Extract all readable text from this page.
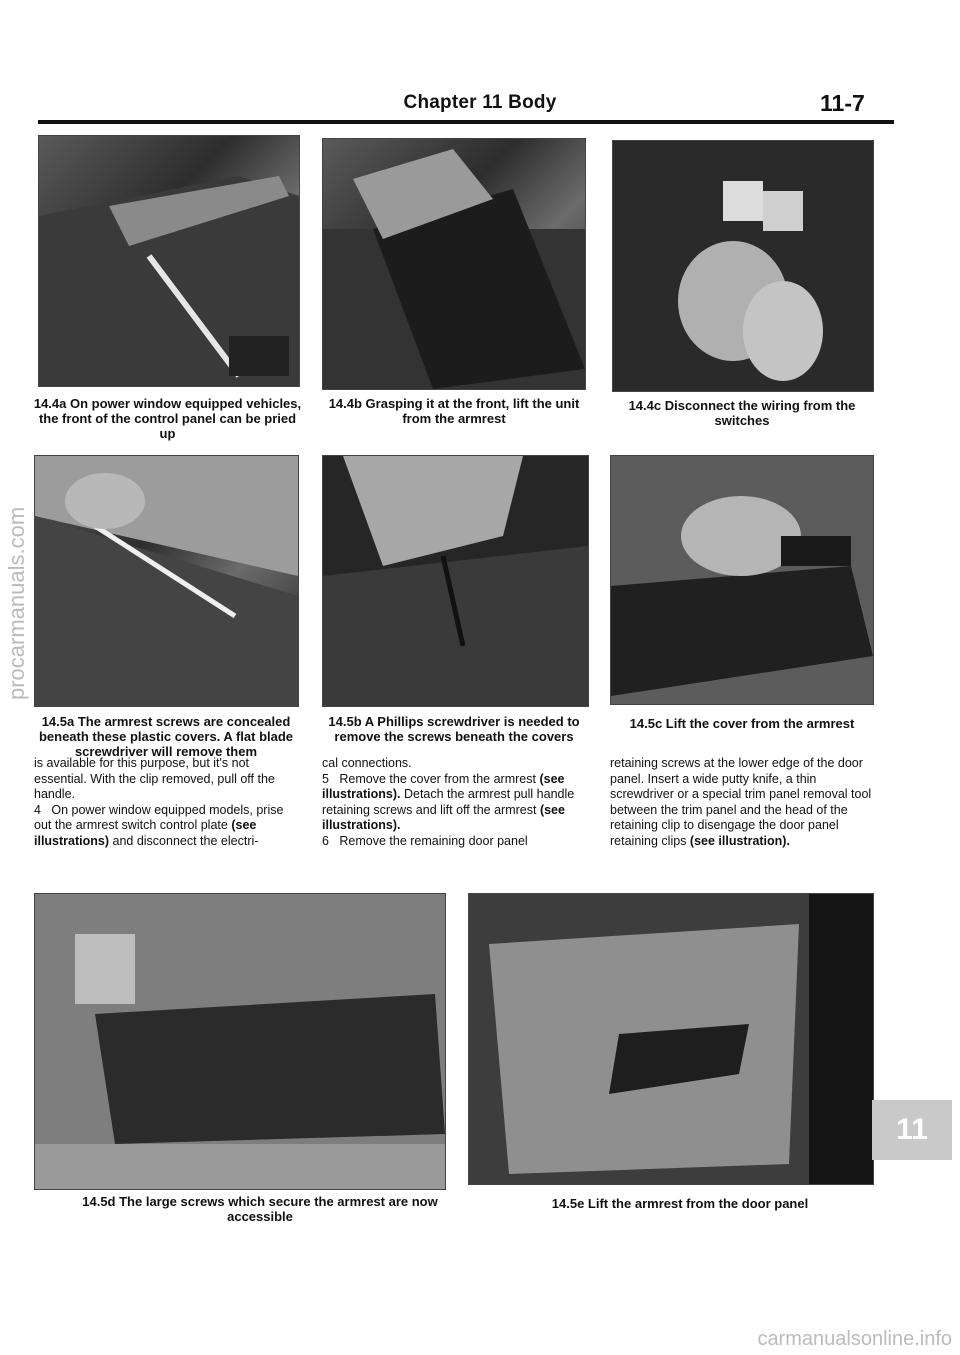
Chapter 11 Body	11-7
14.4a On power window equipped vehicles, the front of the control panel can be pried up
14.4b Grasping it at the front, lift the unit from the armrest
14.4c Disconnect the wiring from the switches
14.5a The armrest screws are concealed beneath these plastic covers. A flat blade screwdriver will remove them
14.5b A Phillips screwdriver is needed to remove the screws beneath the covers
14.5c Lift the cover from the armrest

is available for this purpose, but it's not essential. With the clip removed, pull off the handle.

4 On power window equipped models, prise out the armrest switch control plate (see illustrations) and disconnect the electri-

cal connections.

5 Remove the cover from the armrest (see illustrations). Detach the armrest pull handle retaining screws and lift off the armrest (see illustrations).

6 Remove the remaining door panel

retaining screws at the lower edge of the door panel. Insert a wide putty knife, a thin screwdriver or a special trim panel removal tool between the trim panel and the head of the retaining clip to disengage the door panel retaining clips (see illustration).

14.5d The large screws which secure the armrest are now accessible
14.5e Lift the armrest from the door panel
11
procarmanuals.com
carmanualsonline.info
